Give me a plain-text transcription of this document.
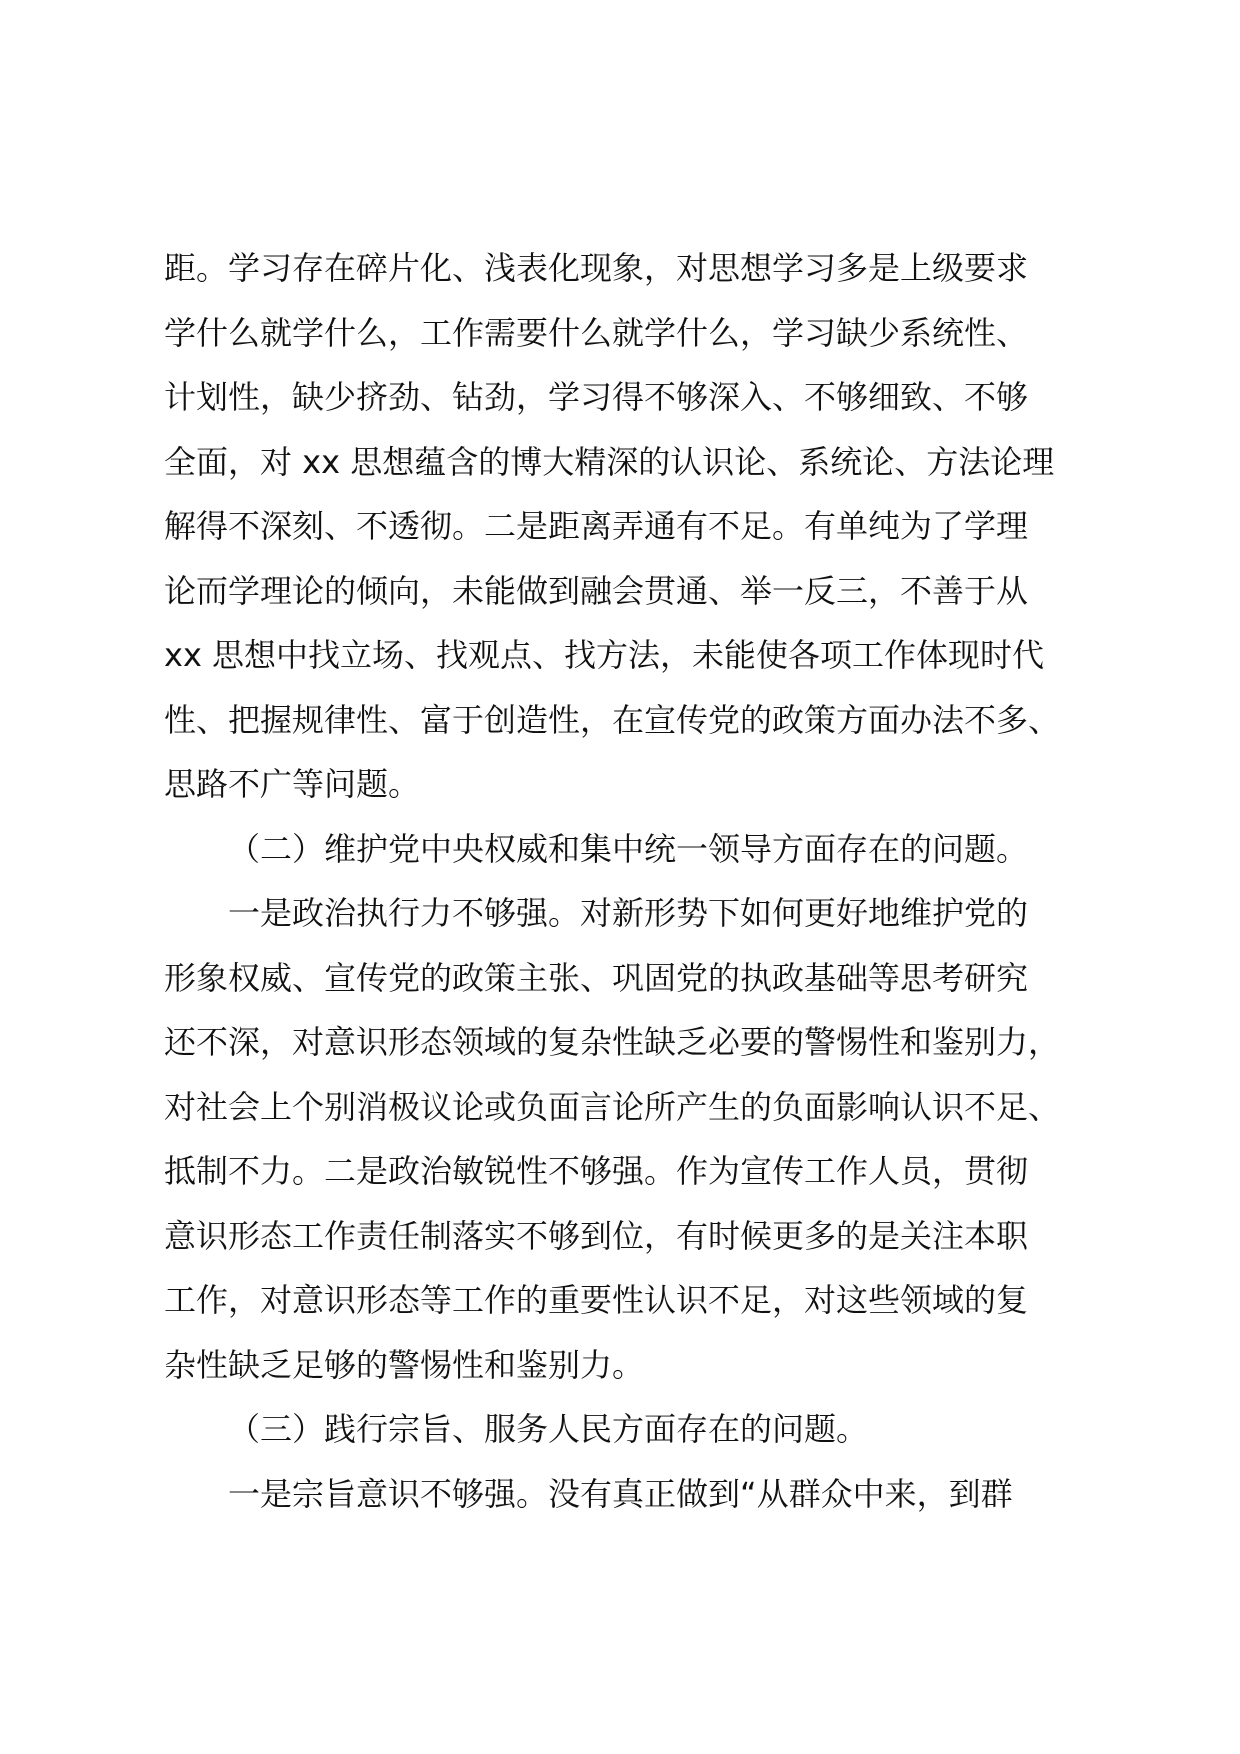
距。学习存在碎片化、浅表化现象，对思想学习多是上级要求
学什么就学什么，工作需要什么就学什么，学习缺少系统性、
计划性，缺少挤劲、钻劲，学习得不够深入、不够细致、不够
全面，对 xx 思想蕴含的博大精深的认识论、系统论、方法论理
解得不深刻、不透彻。二是距离弄通有不足。有单纯为了学理
论而学理论的倾向，未能做到融会贯通、举一反三，不善于从
xx 思想中找立场、找观点、找方法，未能使各项工作体现时代
性、把握规律性、富于创造性，在宣传党的政策方面办法不多、
思路不广等问题。
（二）维护党中央权威和集中统一领导方面存在的问题。
一是政治执行力不够强。对新形势下如何更好地维护党的
形象权威、宣传党的政策主张、巩固党的执政基础等思考研究
还不深，对意识形态领域的复杂性缺乏必要的警惕性和鉴别力，
对社会上个别消极议论或负面言论所产生的负面影响认识不足、
抵制不力。二是政治敏锐性不够强。作为宣传工作人员，贯彻
意识形态工作责任制落实不够到位，有时候更多的是关注本职
工作，对意识形态等工作的重要性认识不足，对这些领域的复
杂性缺乏足够的警惕性和鉴别力。
（三）践行宗旨、服务人民方面存在的问题。
一是宗旨意识不够强。没有真正做到“从群众中来，到群
